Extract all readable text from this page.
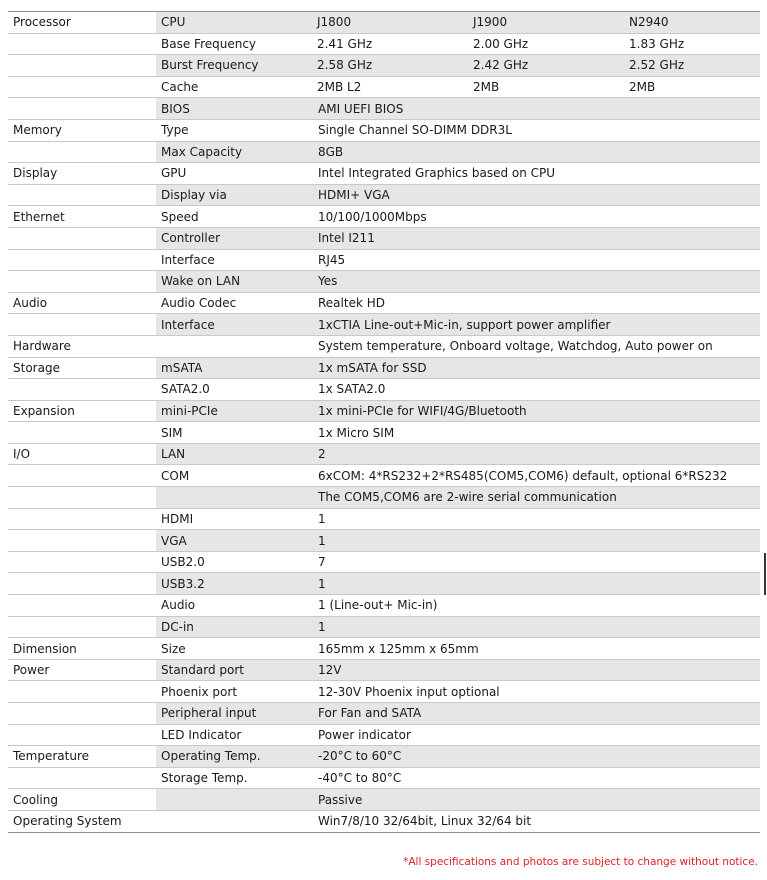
Processor	CPU	J1800	J1900	N2940
	Base Frequency	2.41 GHz	2.00 GHz	1.83 GHz
	Burst Frequency	2.58 GHz	2.42 GHz	2.52 GHz
	Cache	2MB L2	2MB	2MB
	BIOS	AMI UEFI BIOS		
Memory	Type	Single Channel SO-DIMM DDR3L		
	Max Capacity	8GB		
Display	GPU	Intel Integrated Graphics based on CPU		
	Display via	HDMI+ VGA		
Ethernet	Speed	10/100/1000Mbps		
	Controller	Intel I211		
	Interface	RJ45		
	Wake on LAN	Yes		
Audio	Audio Codec	Realtek HD		
	Interface	1xCTIA Line-out+Mic-in, support power amplifier		
Hardware		System temperature, Onboard voltage, Watchdog, Auto power on		
Storage	mSATA	1x mSATA for SSD		
	SATA2.0	1x SATA2.0		
Expansion	mini-PCIe	1x mini-PCIe for WIFI/4G/Bluetooth		
	SIM	1x Micro SIM		
I/O	LAN	2		
	COM	6xCOM: 4*RS232+2*RS485(COM5,COM6) default, optional 6*RS232		
		The COM5,COM6 are 2-wire serial communication		
	HDMI	1		
	VGA	1		
	USB2.0	7		
	USB3.2	1		
	Audio	1 (Line-out+ Mic-in)		
	DC-in	1		
Dimension	Size	165mm x 125mm x 65mm		
Power	Standard port	12V		
	Phoenix port	12-30V Phoenix input optional		
	Peripheral input	For Fan and SATA		
	LED Indicator	Power indicator		
Temperature	Operating Temp.	-20°C to 60°C		
	Storage Temp.	-40°C to 80°C		
Cooling		Passive		
Operating System		Win7/8/10 32/64bit, Linux 32/64 bit		
*All specifications and photos are subject to change without notice.
